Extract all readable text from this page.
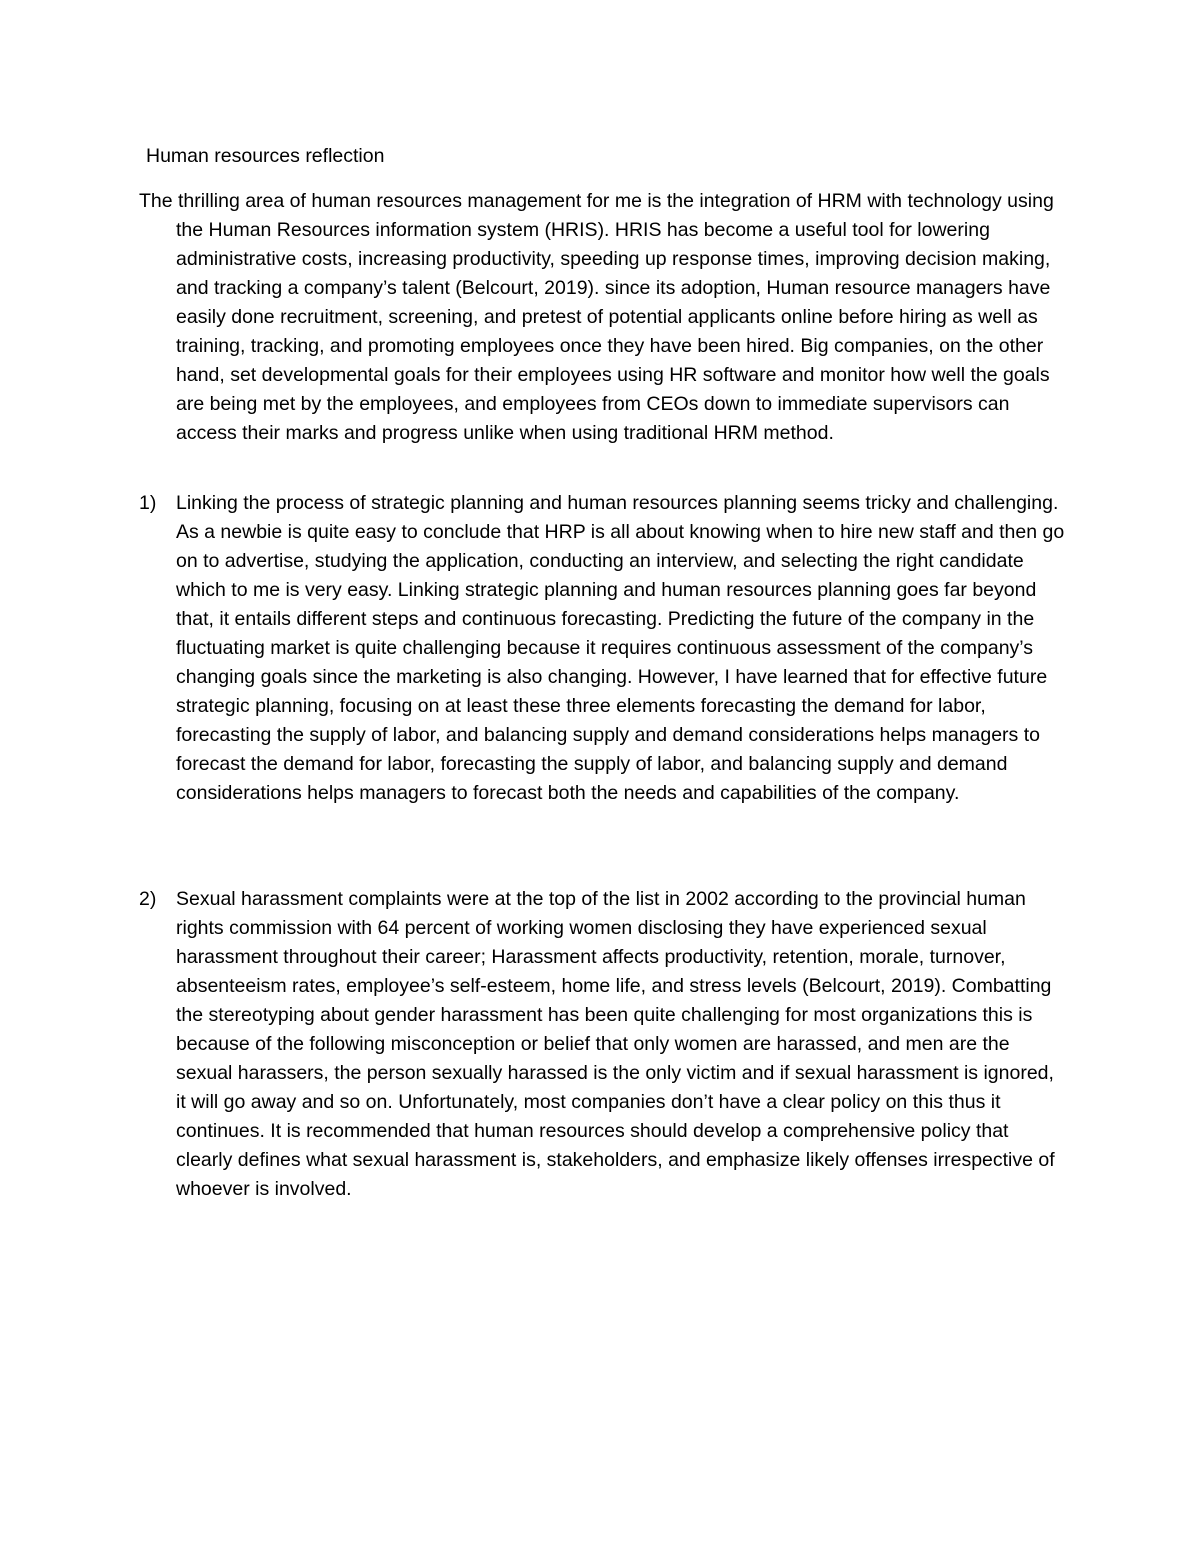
Human resources reflection

The thrilling area of human resources management for me is the integration of HRM with technology using the Human Resources information system (HRIS). HRIS has become a useful tool for lowering administrative costs, increasing productivity, speeding up response times, improving decision making, and tracking a company’s talent (Belcourt, 2019). since its adoption, Human resource managers have easily done recruitment, screening, and pretest of potential applicants online before hiring as well as training, tracking, and promoting employees once they have been hired. Big companies, on the other hand, set developmental goals for their employees using HR software and monitor how well the goals are being met by the employees, and employees from CEOs down to immediate supervisors can access their marks and progress unlike when using traditional HRM method.

1)	Linking the process of strategic planning and human resources planning seems tricky and challenging. As a newbie is quite easy to conclude that HRP is all about knowing when to hire new staff and then go on to advertise, studying the application, conducting an interview, and selecting the right candidate which to me is very easy. Linking strategic planning and human resources planning goes far beyond that, it entails different steps and continuous forecasting. Predicting the future of the company in the fluctuating market is quite challenging because it requires continuous assessment of the company’s changing goals since the marketing is also changing. However, I have learned that for effective future strategic planning, focusing on at least these three elements forecasting the demand for labor, forecasting the supply of labor, and balancing supply and demand considerations helps managers to forecast the demand for labor, forecasting the supply of labor, and balancing supply and demand considerations helps managers to forecast both the needs and capabilities of the company.

2)	Sexual harassment complaints were at the top of the list in 2002 according to the provincial human rights commission with 64 percent of working women disclosing they have experienced sexual harassment throughout their career; Harassment affects productivity, retention, morale, turnover, absenteeism rates, employee’s self-esteem, home life, and stress levels (Belcourt, 2019). Combatting the stereotyping about gender harassment has been quite challenging for most organizations this is because of the following misconception or belief that only women are harassed, and men are the sexual harassers, the person sexually harassed is the only victim and if sexual harassment is ignored, it will go away and so on. Unfortunately, most companies don’t have a clear policy on this thus it continues. It is recommended that human resources should develop a comprehensive policy that clearly defines what sexual harassment is, stakeholders, and emphasize likely offenses irrespective of whoever is involved.
